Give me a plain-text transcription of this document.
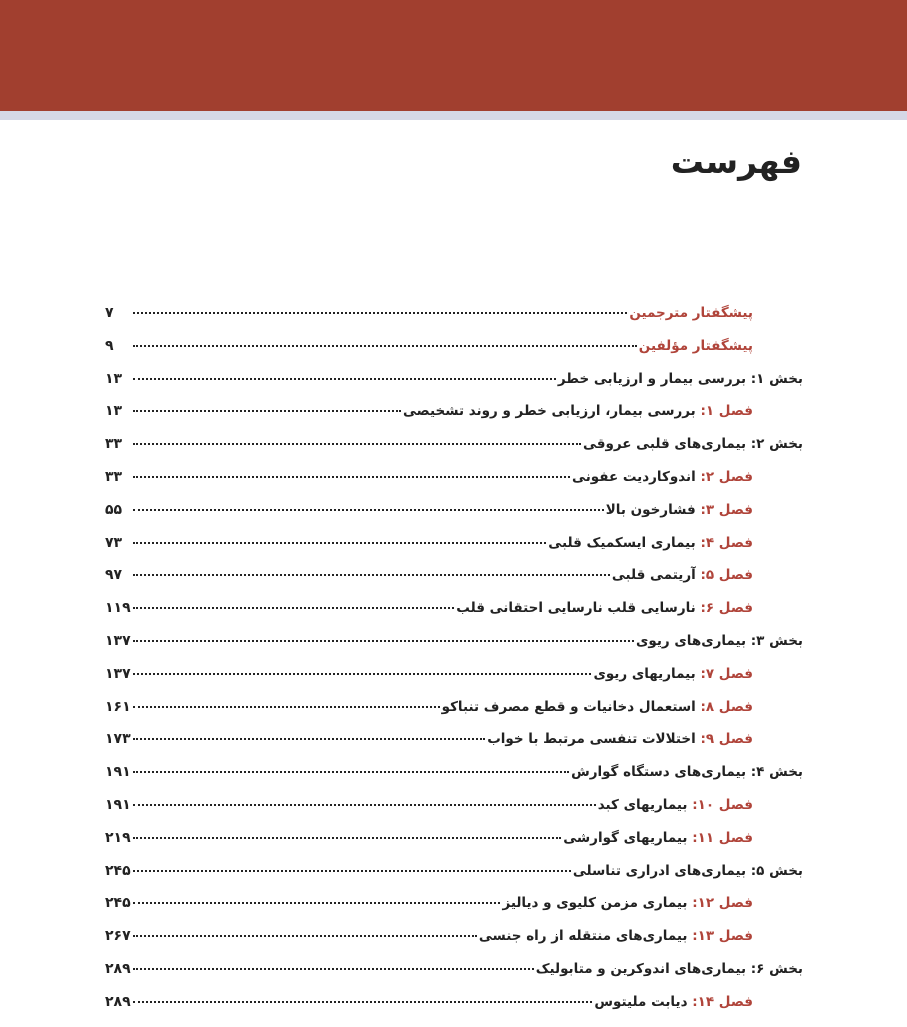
فهرست
پیشگفتار مترجمین
۷
پیشگفتار مؤلفین
۹
بخش ۱: بررسی بیمار و ارزیابی خطر
۱۳
فصل ۱: بررسی بیمار، ارزیابی خطر و روند تشخیصی
۱۳
بخش ۲: بیماری‌های قلبی عروقی
۳۳
فصل ۲: اندوکاردیت عفونی
۳۳
فصل ۳: فشارخون بالا
۵۵
فصل ۴: بیماری ایسکمیک قلبی
۷۳
فصل ۵: آریتمی قلبی
۹۷
فصل ۶: نارسایی قلب نارسایی احتقانی قلب
۱۱۹
بخش ۳: بیماری‌های ریوی
۱۳۷
فصل ۷: بیماریهای ریوی
۱۳۷
فصل ۸: استعمال دخانیات و قطع مصرف تنباکو
۱۶۱
فصل ۹: اختلالات تنفسی مرتبط با خواب
۱۷۳
بخش ۴: بیماری‌های دستگاه گوارش
۱۹۱
فصل ۱۰: بیماریهای کبد
۱۹۱
فصل ۱۱: بیماریهای گوارشی
۲۱۹
بخش ۵: بیماری‌های ادراری تناسلی
۲۴۵
فصل ۱۲: بیماری مزمن کلیوی و دیالیز
۲۴۵
فصل ۱۳: بیماری‌های منتقله از راه جنسی
۲۶۷
بخش ۶: بیماری‌های اندوکرین و متابولیک
۲۸۹
فصل ۱۴: دیابت ملیتوس
۲۸۹
